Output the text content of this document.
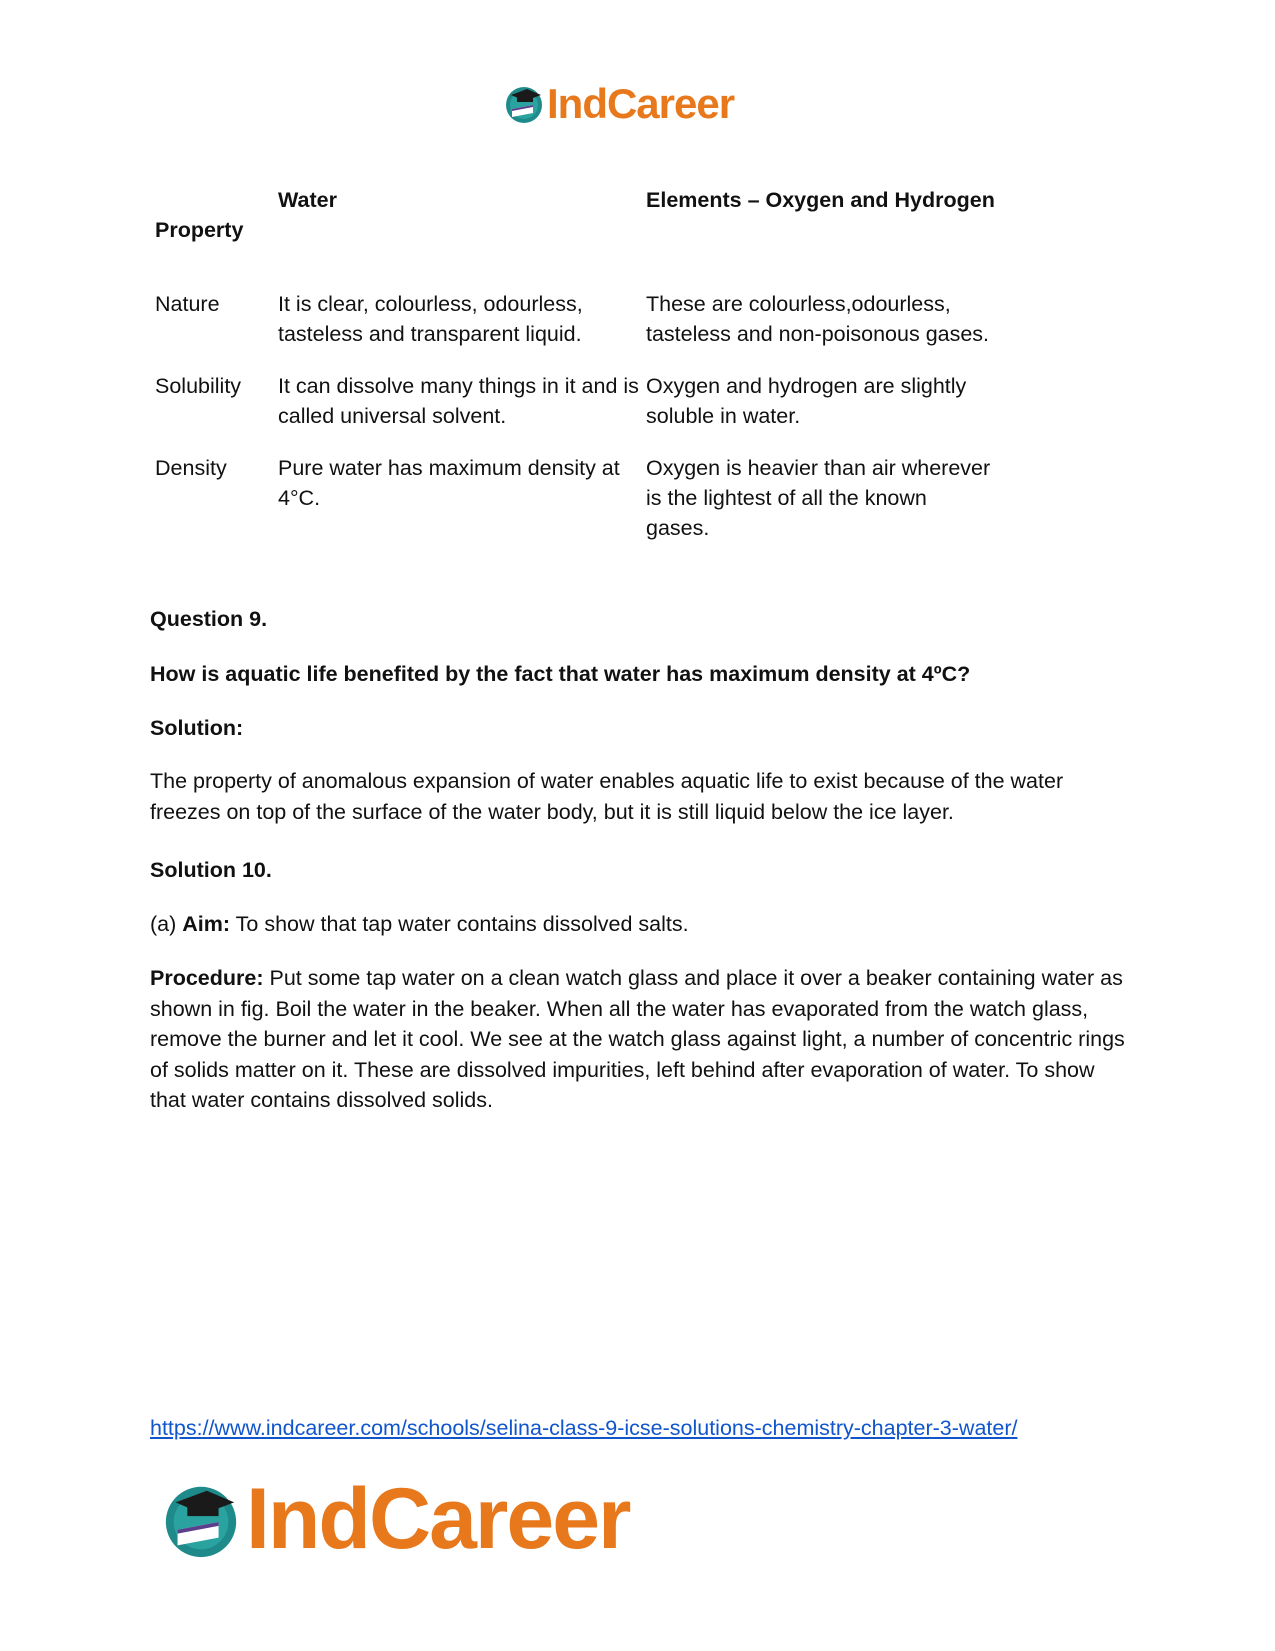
IndCareer
Property	Water	Elements – Oxygen and Hydrogen
Nature	It is clear, colourless, odourless, tasteless and transparent liquid.	These are colourless,odourless, tasteless and non-poisonous gases.
Solubility	It can dissolve many things in it and is called universal solvent.	Oxygen and hydrogen are slightly soluble in water.
Density	Pure water has maximum density at 4°C.	Oxygen is heavier than air wherever is the lightest of all the known gases.
Question 9.
How is aquatic life benefited by the fact that water has maximum density at 4ºC?
Solution:
The property of anomalous expansion of water enables aquatic life to exist because of the water freezes on top of the surface of the water body, but it is still liquid below the ice layer.
Solution 10.
(a) Aim: To show that tap water contains dissolved salts.
Procedure: Put some tap water on a clean watch glass and place it over a beaker containing water as shown in fig. Boil the water in the beaker. When all the water has evaporated from the watch glass, remove the burner and let it cool. We see at the watch glass against light, a number of concentric rings of solids matter on it. These are dissolved impurities, left behind after evaporation of water. To show that water contains dissolved solids.
https://www.indcareer.com/schools/selina-class-9-icse-solutions-chemistry-chapter-3-water/
IndCareer
